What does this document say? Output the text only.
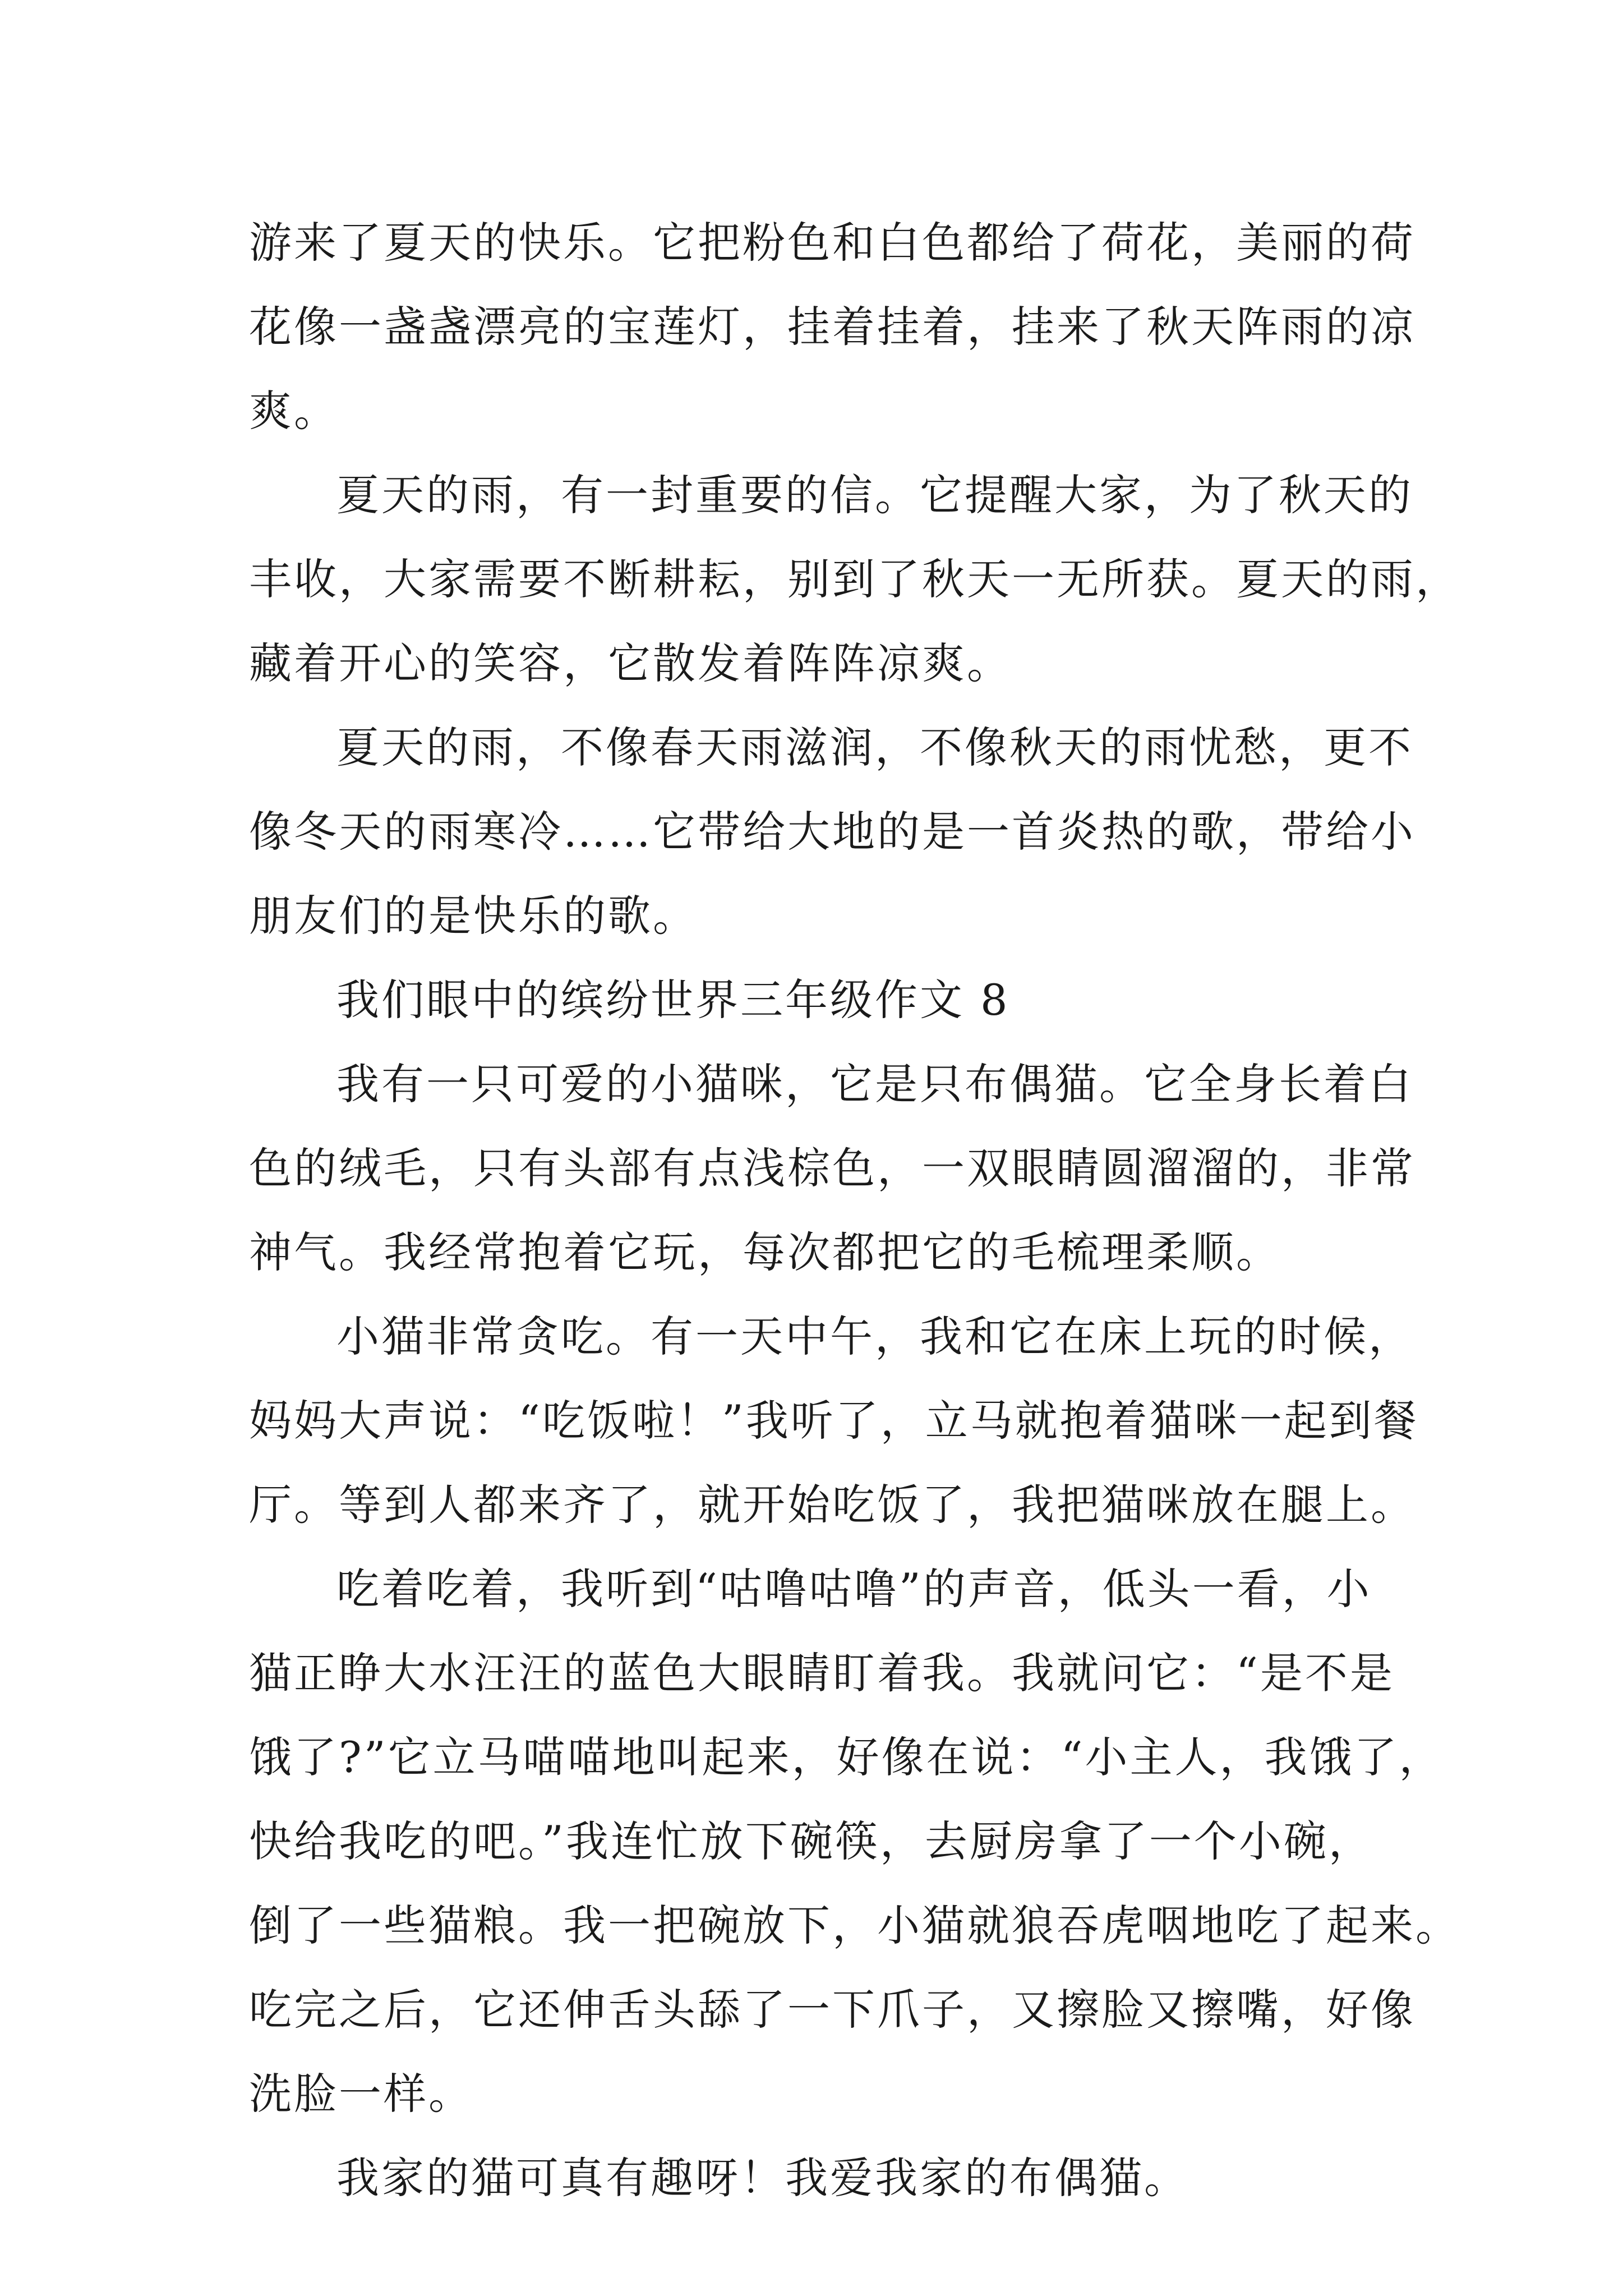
游来了夏天的快乐。它把粉色和白色都给了荷花，美丽的荷
花像一盏盏漂亮的宝莲灯，挂着挂着，挂来了秋天阵雨的凉
爽。
夏天的雨，有一封重要的信。它提醒大家，为了秋天的
丰收，大家需要不断耕耘，别到了秋天一无所获。夏天的雨，
藏着开心的笑容，它散发着阵阵凉爽。
夏天的雨，不像春天雨滋润，不像秋天的雨忧愁，更不
像冬天的雨寒冷……它带给大地的是一首炎热的歌，带给小
朋友们的是快乐的歌。
我们眼中的缤纷世界三年级作文 8
我有一只可爱的小猫咪，它是只布偶猫。它全身长着白
色的绒毛，只有头部有点浅棕色，一双眼睛圆溜溜的，非常
神气。我经常抱着它玩，每次都把它的毛梳理柔顺。
小猫非常贪吃。有一天中午，我和它在床上玩的时候，
妈妈大声说：“吃饭啦！”我听了，立马就抱着猫咪一起到餐
厅。等到人都来齐了，就开始吃饭了，我把猫咪放在腿上。
吃着吃着，我听到“咕噜咕噜”的声音，低头一看，小
猫正睁大水汪汪的蓝色大眼睛盯着我。我就问它：“是不是
饿了?”它立马喵喵地叫起来，好像在说：“小主人，我饿了，
快给我吃的吧。”我连忙放下碗筷，去厨房拿了一个小碗，
倒了一些猫粮。我一把碗放下，小猫就狼吞虎咽地吃了起来。
吃完之后，它还伸舌头舔了一下爪子，又擦脸又擦嘴，好像
洗脸一样。
我家的猫可真有趣呀！我爱我家的布偶猫。
